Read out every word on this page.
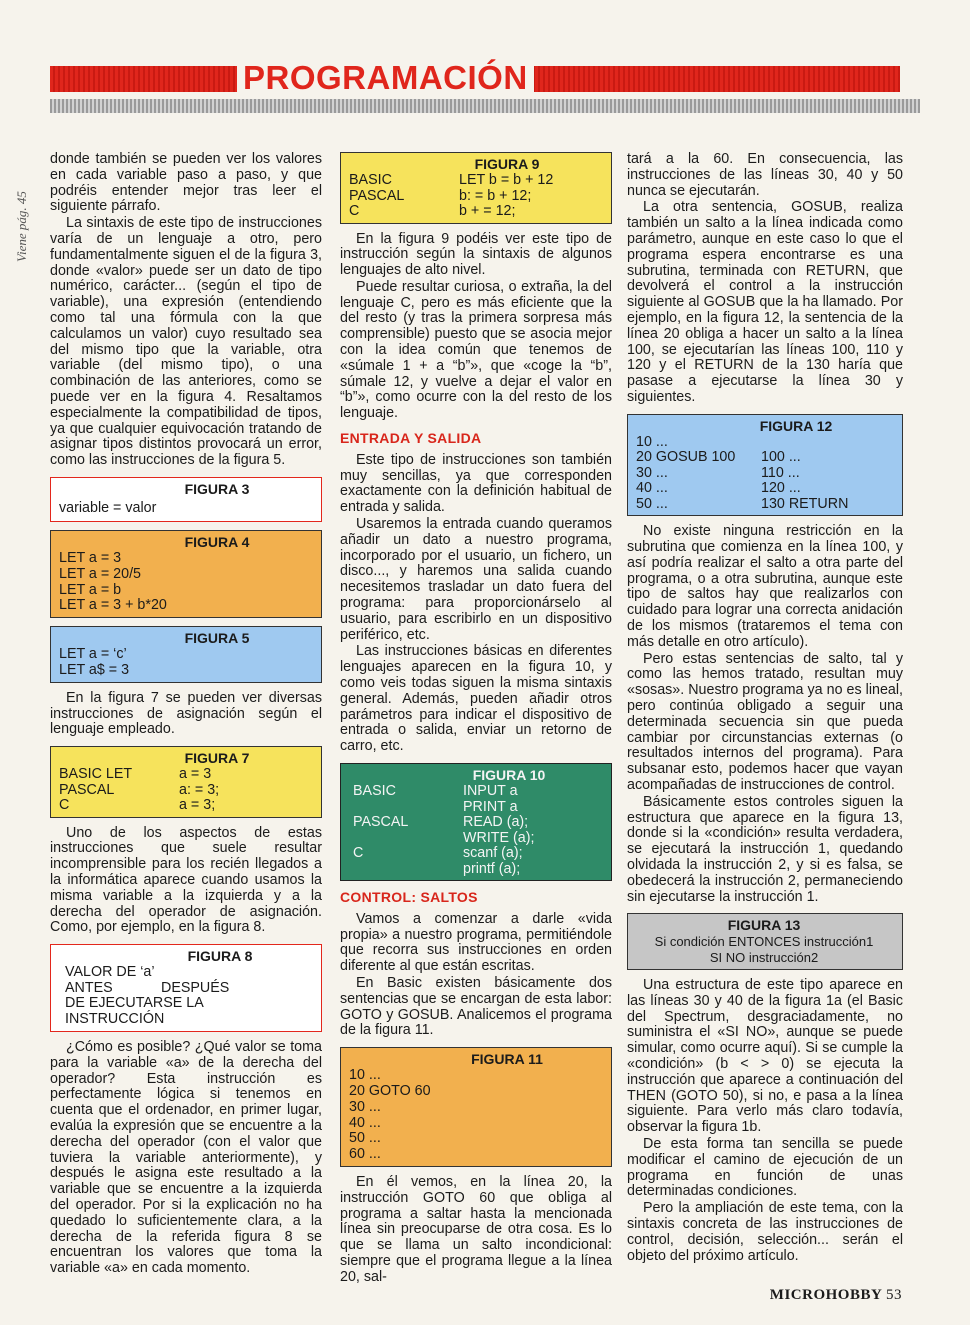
PROGRAMACIÓN
Viene pág. 45

donde también se pueden ver los valores en cada variable paso a paso, y que podréis entender mejor tras leer el siguiente párrafo.

La sintaxis de este tipo de instrucciones varía de un lenguaje a otro, pero fundamentalmente siguen el de la figura 3, donde «valor» puede ser un dato de tipo numérico, carácter... (según el tipo de variable), una expresión (entendiendo como tal una fórmula con la que calculamos un valor) cuyo resultado sea del mismo tipo que la variable, otra variable (del mismo tipo), o una combinación de las anteriores, como se puede ver en la figura 4. Resaltamos especialmente la compatibilidad de tipos, ya que cualquier equivocación tratando de asignar tipos distintos provocará un error, como las instrucciones de la figura 5.

FIGURA 3
variable = valor
FIGURA 4
LET a = 3
LET a = 20/5
LET a = b
LET a = 3 + b*20
FIGURA 5
LET a = ‘c’
LET a$ = 3

En la figura 7 se pueden ver diversas instrucciones de asignación según el lenguaje empleado.

FIGURA 7
BASIC LET	a = 3
PASCAL	a: = 3;
C	a = 3;

Uno de los aspectos de estas instrucciones que suele resultar incomprensible para los recién llegados a la informática aparece cuando usamos la misma variable a la izquierda y a la derecha del operador de asignación. Como, por ejemplo, en la figura 8.

FIGURA 8
VALOR DE ‘a’
ANTES	DESPUÉS
DE EJECUTARSE LA
INSTRUCCIÓN

¿Cómo es posible? ¿Qué valor se toma para la variable «a» de la derecha del operador? Esta instrucción es perfectamente lógica si tenemos en cuenta que el ordenador, en primer lugar, evalúa la expresión que se encuentre a la derecha del operador (con el valor que tuviera la variable anteriormente), y después le asigna este resultado a la variable que se encuentre a la izquierda del operador. Por si la explicación no ha quedado lo suficientemente clara, a la derecha de la referida figura 8 se encuentran los valores que toma la variable «a» en cada momento.

FIGURA 9
BASIC	LET b = b + 12
PASCAL	b: = b + 12;
C	b + = 12;

En la figura 9 podéis ver este tipo de instrucción según la sintaxis de algunos lenguajes de alto nivel.

Puede resultar curiosa, o extraña, la del lenguaje C, pero es más eficiente que la del resto (y tras la primera sorpresa más comprensible) puesto que se asocia mejor con la idea común que tenemos de «súmale 1 + a “b”», que «coge la “b”, súmale 12, y vuelve a dejar el valor en “b”», como ocurre con la del resto de los lenguaje.

ENTRADA Y SALIDA

Este tipo de instrucciones son también muy sencillas, ya que corresponden exactamente con la definición habitual de entrada y salida.

Usaremos la entrada cuando queramos añadir un dato a nuestro programa, incorporado por el usuario, un fichero, un disco..., y haremos una salida cuando necesitemos trasladar un dato fuera del programa: para proporcionárselo al usuario, para escribirlo en un dispositivo periférico, etc.

Las instrucciones básicas en diferentes lenguajes aparecen en la figura 10, y como veis todas siguen la misma sintaxis general. Además, pueden añadir otros parámetros para indicar el dispositivo de entrada o salida, enviar un retorno de carro, etc.

FIGURA 10
BASIC	INPUT a
PRINT a
PASCAL	READ (a);
WRITE (a);
C	scanf (a);
printf (a);
CONTROL: SALTOS

Vamos a comenzar a darle «vida propia» a nuestro programa, permitiéndole que recorra sus instrucciones en orden diferente al que están escritas.

En Basic existen básicamente dos sentencias que se encargan de esta labor: GOTO y GOSUB. Analicemos el programa de la figura 11.

FIGURA 11
10 ...
20 GOTO 60
30 ...
40 ...
50 ...
60 ...

En él vemos, en la línea 20, la instrucción GOTO 60 que obliga al programa a saltar hasta la mencionada línea sin preocuparse de otra cosa. Es lo que se llama un salto incondicional: siempre que el programa llegue a la línea 20, sal-

tará a la 60. En consecuencia, las instrucciones de las líneas 30, 40 y 50 nunca se ejecutarán.

La otra sentencia, GOSUB, realiza también un salto a la línea indicada como parámetro, aunque en este caso lo que el programa espera encontrarse es una subrutina, terminada con RETURN, que devolverá el control a la instrucción siguiente al GOSUB que la ha llamado. Por ejemplo, en la figura 12, la sentencia de la línea 20 obliga a hacer un salto a la línea 100, se ejecutarían las líneas 100, 110 y 120 y el RETURN de la 130 haría que pasase a ejecutarse la línea 30 y siguientes.

FIGURA 12
10 ...
20 GOSUB 100	100 ...
30 ...	110 ...
40 ...	120 ...
50 ...	130 RETURN

No existe ninguna restricción en la subrutina que comienza en la línea 100, y así podría realizar el salto a otra parte del programa, o a otra subrutina, aunque este tipo de saltos hay que realizarlos con cuidado para lograr una correcta anidación de los mismos (trataremos el tema con más detalle en otro artículo).

Pero estas sentencias de salto, tal y como las hemos tratado, resultan muy «sosas». Nuestro programa ya no es lineal, pero continúa obligado a seguir una determinada secuencia sin que pueda cambiar por circunstancias externas (o resultados internos del programa). Para subsanar esto, podemos hacer que vayan acompañadas de instrucciones de control.

Básicamente estos controles siguen la estructura que aparece en la figura 13, donde si la «condición» resulta verdadera, se ejecutará la instrucción 1, quedando olvidada la instrucción 2, y si es falsa, se obedecerá la instrucción 2, permaneciendo sin ejecutarse la instrucción 1.

FIGURA 13
Si condición ENTONCES instrucción1
SI NO instrucción2

Una estructura de este tipo aparece en las líneas 30 y 40 de la figura 1a (el Basic del Spectrum, desgraciadamente, no suministra el «SI NO», aunque se puede simular, como ocurre aquí). Si se cumple la «condición» (b < > 0) se ejecuta la instrucción que aparece a continuación del THEN (GOTO 50), si no, e pasa a la línea siguiente. Para verlo más claro todavía, observar la figura 1b.

De esta forma tan sencilla se puede modificar el camino de ejecución de un programa en función de unas determinadas condiciones.

Pero la ampliación de este tema, con la sintaxis concreta de las instrucciones de control, decisión, selección... serán el objeto del próximo artículo.

MICROHOBBY 53
